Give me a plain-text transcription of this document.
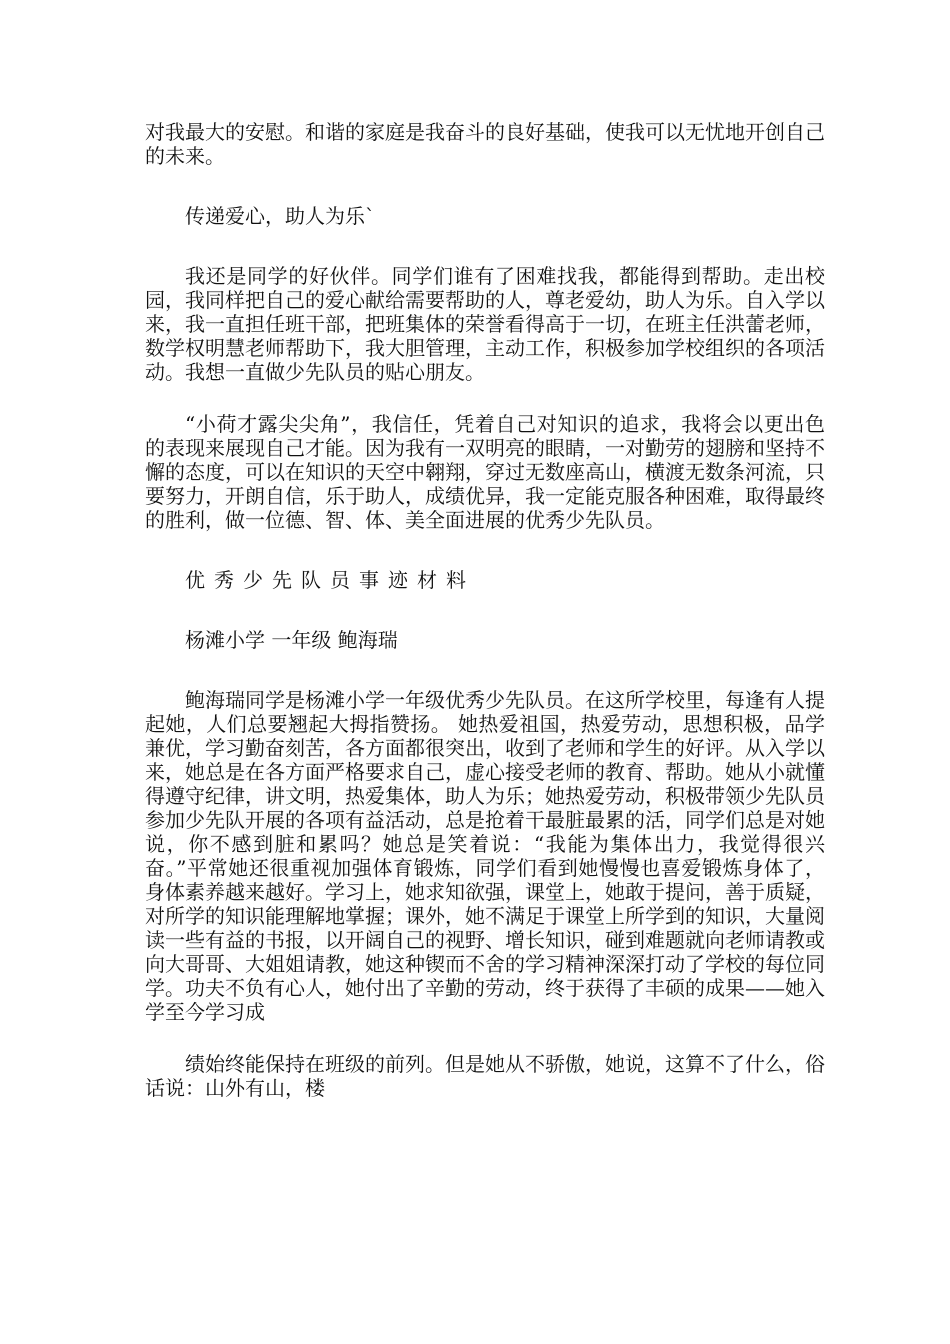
对我最大的安慰。和谐的家庭是我奋斗的良好基础，使我可以无忧地开创自己的未来。

传递爱心，助人为乐`

我还是同学的好伙伴。同学们谁有了困难找我，都能得到帮助。走出校园，我同样把自己的爱心献给需要帮助的人，尊老爱幼，助人为乐。自入学以来，我一直担任班干部，把班集体的荣誉看得高于一切，在班主任洪蕾老师，数学权明慧老师帮助下，我大胆管理，主动工作，积极参加学校组织的各项活动。我想一直做少先队员的贴心朋友。

“小荷才露尖尖角”，我信任，凭着自己对知识的追求，我将会以更出色的表现来展现自己才能。因为我有一双明亮的眼睛，一对勤劳的翅膀和坚持不懈的态度，可以在知识的天空中翱翔，穿过无数座高山，横渡无数条河流，只要努力，开朗自信，乐于助人，成绩优异，我一定能克服各种困难，取得最终的胜利，做一位德、智、体、美全面进展的优秀少先队员。

优秀少先队员事迹材料

杨滩小学 一年级 鲍海瑞

鲍海瑞同学是杨滩小学一年级优秀少先队员。在这所学校里，每逢有人提起她，人们总要翘起大拇指赞扬。 她热爱祖国，热爱劳动，思想积极，品学兼优，学习勤奋刻苦，各方面都很突出，收到了老师和学生的好评。从入学以来，她总是在各方面严格要求自己，虚心接受老师的教育、帮助。她从小就懂得遵守纪律，讲文明，热爱集体，助人为乐；她热爱劳动，积极带领少先队员参加少先队开展的各项有益活动，总是抢着干最脏最累的活，同学们总是对她说，你不感到脏和累吗？她总是笑着说：“我能为集体出力，我觉得很兴奋。”平常她还很重视加强体育锻炼，同学们看到她慢慢也喜爱锻炼身体了，身体素养越来越好。学习上，她求知欲强，课堂上，她敢于提问，善于质疑，对所学的知识能理解地掌握；课外，她不满足于课堂上所学到的知识，大量阅读一些有益的书报，以开阔自己的视野、增长知识，碰到难题就向老师请教或向大哥哥、大姐姐请教，她这种锲而不舍的学习精神深深打动了学校的每位同学。功夫不负有心人，她付出了辛勤的劳动，终于获得了丰硕的成果——她入学至今学习成

绩始终能保持在班级的前列。但是她从不骄傲，她说，这算不了什么，俗话说：山外有山，楼
